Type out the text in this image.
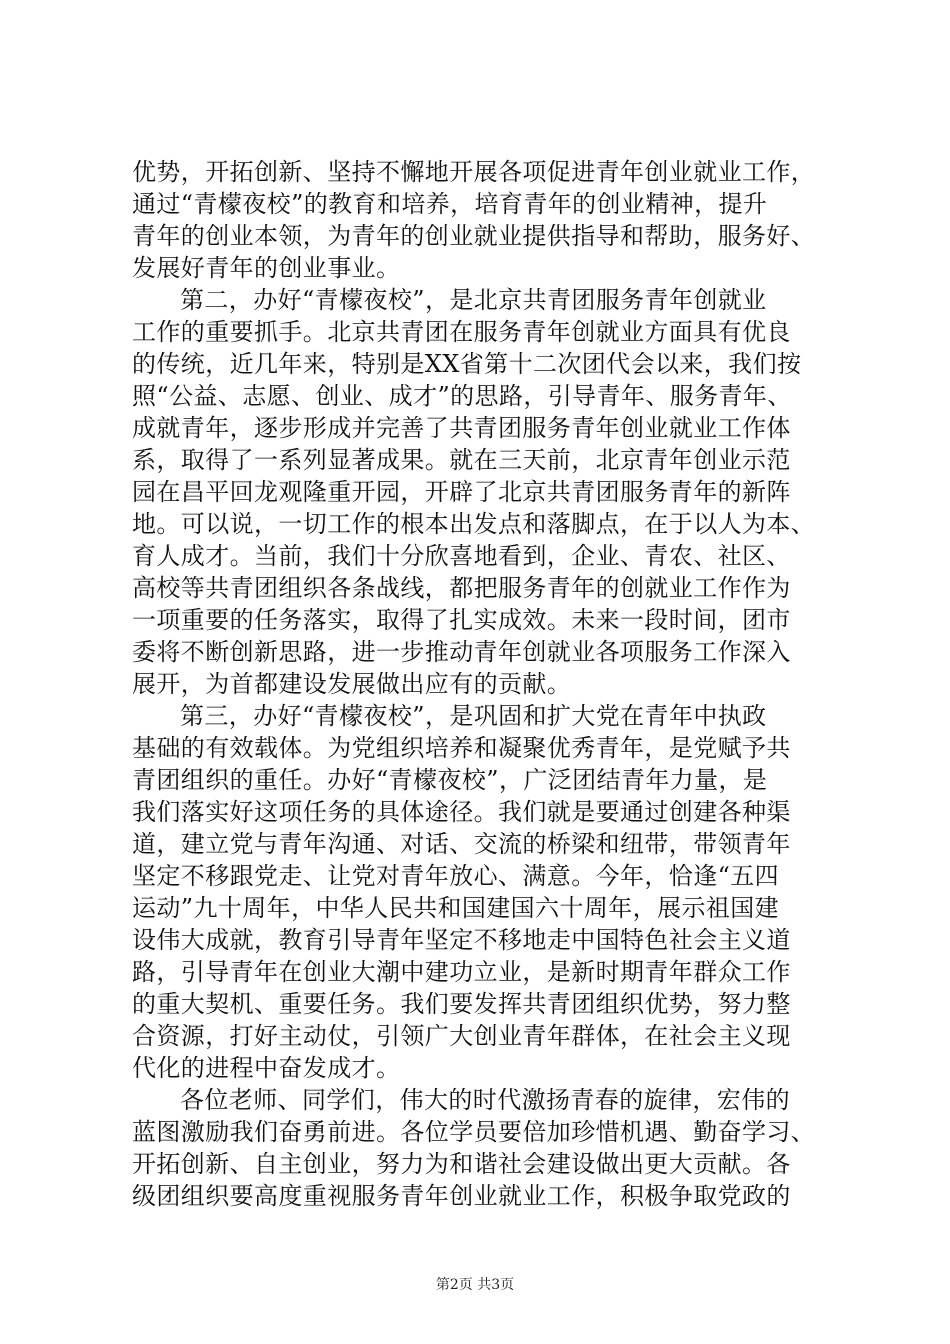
优势，开拓创新、坚持不懈地开展各项促进青年创业就业工作，
通过“青檬夜校”的教育和培养，培育青年的创业精神，提升
青年的创业本领，为青年的创业就业提供指导和帮助，服务好、
发展好青年的创业事业。
第二，办好“青檬夜校”，是北京共青团服务青年创就业
工作的重要抓手。北京共青团在服务青年创就业方面具有优良
的传统，近几年来，特别是XX省第十二次团代会以来，我们按
照“公益、志愿、创业、成才”的思路，引导青年、服务青年、
成就青年，逐步形成并完善了共青团服务青年创业就业工作体
系，取得了一系列显著成果。就在三天前，北京青年创业示范
园在昌平回龙观隆重开园，开辟了北京共青团服务青年的新阵
地。可以说，一切工作的根本出发点和落脚点，在于以人为本、
育人成才。当前，我们十分欣喜地看到，企业、青农、社区、
高校等共青团组织各条战线，都把服务青年的创就业工作作为
一项重要的任务落实，取得了扎实成效。未来一段时间，团市
委将不断创新思路，进一步推动青年创就业各项服务工作深入
展开，为首都建设发展做出应有的贡献。
第三，办好“青檬夜校”，是巩固和扩大党在青年中执政
基础的有效载体。为党组织培养和凝聚优秀青年，是党赋予共
青团组织的重任。办好“青檬夜校”，广泛团结青年力量，是
我们落实好这项任务的具体途径。我们就是要通过创建各种渠
道，建立党与青年沟通、对话、交流的桥梁和纽带，带领青年
坚定不移跟党走、让党对青年放心、满意。今年，恰逢“五四
运动”九十周年，中华人民共和国建国六十周年，展示祖国建
设伟大成就，教育引导青年坚定不移地走中国特色社会主义道
路，引导青年在创业大潮中建功立业，是新时期青年群众工作
的重大契机、重要任务。我们要发挥共青团组织优势，努力整
合资源，打好主动仗，引领广大创业青年群体，在社会主义现
代化的进程中奋发成才。
各位老师、同学们，伟大的时代激扬青春的旋律，宏伟的
蓝图激励我们奋勇前进。各位学员要倍加珍惜机遇、勤奋学习、
开拓创新、自主创业，努力为和谐社会建设做出更大贡献。各
级团组织要高度重视服务青年创业就业工作，积极争取党政的
第2页 共3页
